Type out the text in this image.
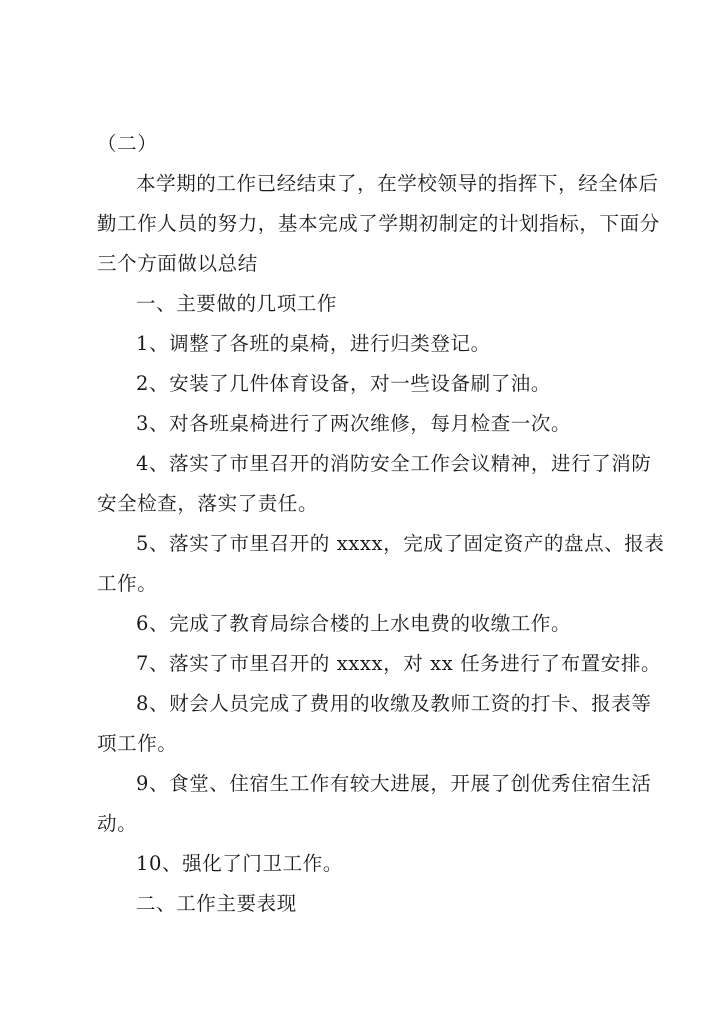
（二）
本学期的工作已经结束了，在学校领导的指挥下，经全体后
勤工作人员的努力，基本完成了学期初制定的计划指标，下面分
三个方面做以总结
一、主要做的几项工作
1、调整了各班的桌椅，进行归类登记。
2、安装了几件体育设备，对一些设备刷了油。
3、对各班桌椅进行了两次维修，每月检查一次。
4、落实了市里召开的消防安全工作会议精神，进行了消防
安全检查，落实了责任。
5、落实了市里召开的 xxxx，完成了固定资产的盘点、报表
工作。
6、完成了教育局综合楼的上水电费的收缴工作。
7、落实了市里召开的 xxxx，对 xx 任务进行了布置安排。
8、财会人员完成了费用的收缴及教师工资的打卡、报表等
项工作。
9、食堂、住宿生工作有较大进展，开展了创优秀住宿生活
动。
10、强化了门卫工作。
二、工作主要表现
